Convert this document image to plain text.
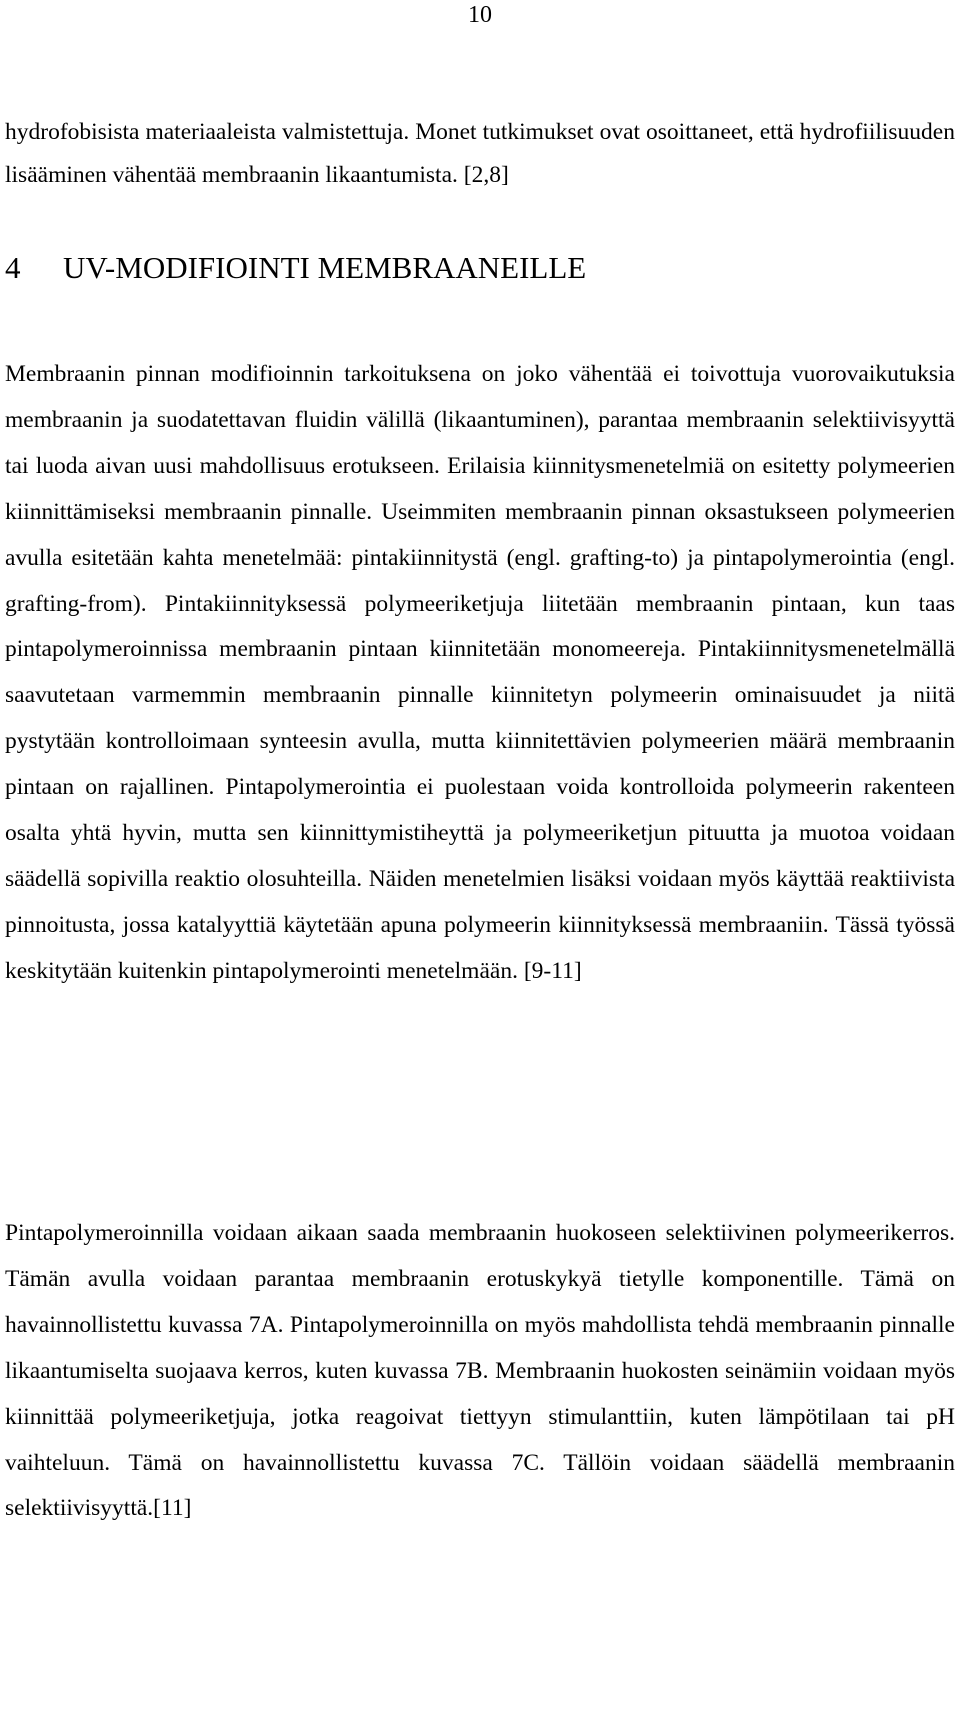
10
hydrofobisista materiaaleista valmistettuja. Monet tutkimukset ovat osoittaneet, että hydrofiilisuuden lisääminen vähentää membraanin likaantumista. [2,8]
4 UV-MODIFIOINTI MEMBRAANEILLE
Membraanin pinnan modifioinnin tarkoituksena on joko vähentää ei toivottuja vuorovaikutuksia membraanin ja suodatettavan fluidin välillä (likaantuminen), parantaa membraanin selektiivisyyttä tai luoda aivan uusi mahdollisuus erotukseen. Erilaisia kiinnitysmenetelmiä on esitetty polymeerien kiinnittämiseksi membraanin pinnalle. Useimmiten membraanin pinnan oksastukseen polymeerien avulla esitetään kahta menetelmää: pintakiinnitystä (engl. grafting-to) ja pintapolymerointia (engl. grafting-from). Pintakiinnityksessä polymeeriketjuja liitetään membraanin pintaan, kun taas pintapolymeroinnissa membraanin pintaan kiinnitetään monomeereja. Pintakiinnitysmenetelmällä saavutetaan varmemmin membraanin pinnalle kiinnitetyn polymeerin ominaisuudet ja niitä pystytään kontrolloimaan synteesin avulla, mutta kiinnitettävien polymeerien määrä membraanin pintaan on rajallinen. Pintapolymerointia ei puolestaan voida kontrolloida polymeerin rakenteen osalta yhtä hyvin, mutta sen kiinnittymistiheyttä ja polymeeriketjun pituutta ja muotoa voidaan säädellä sopivilla reaktio olosuhteilla. Näiden menetelmien lisäksi voidaan myös käyttää reaktiivista pinnoitusta, jossa katalyyttiä käytetään apuna polymeerin kiinnityksessä membraaniin. Tässä työssä keskitytään kuitenkin pintapolymerointi menetelmään. [9-11]
Pintapolymeroinnilla voidaan aikaan saada membraanin huokoseen selektiivinen polymeerikerros. Tämän avulla voidaan parantaa membraanin erotuskykyä tietylle komponentille. Tämä on havainnollistettu kuvassa 7A. Pintapolymeroinnilla on myös mahdollista tehdä membraanin pinnalle likaantumiselta suojaava kerros, kuten kuvassa 7B. Membraanin huokosten seinämiin voidaan myös kiinnittää polymeeriketjuja, jotka reagoivat tiettyyn stimulanttiin, kuten lämpötilaan tai pH vaihteluun. Tämä on havainnollistettu kuvassa 7C. Tällöin voidaan säädellä membraanin selektiivisyyttä.[11]
